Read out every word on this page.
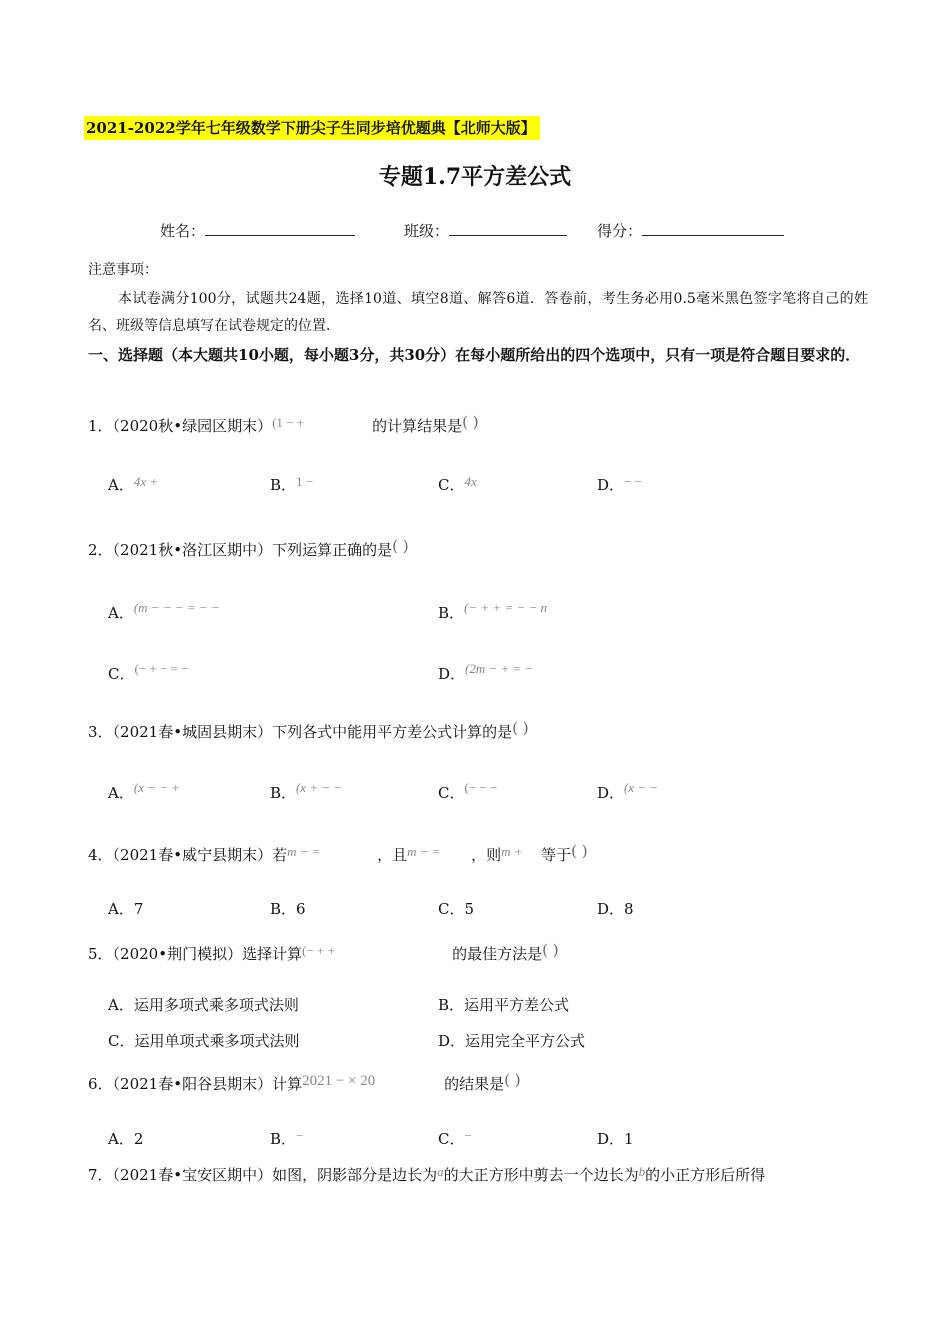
2021-2022学年七年级数学下册尖子生同步培优题典【北师大版】
专题1.7平方差公式
姓名：	班级：	得分：
注意事项：
本试卷满分100分，试题共24题，选择10道、填空8道、解答6道．答卷前，考生务必用0.5毫米黑色签字笔将自己的姓名、班级等信息填写在试卷规定的位置．
一、选择题（本大题共10小题，每小题3分，共30分）在每小题所给出的四个选项中，只有一项是符合题目要求的．
1．（2020秋•绿园区期末）(1 − +	的计算结果是( )
A．4x +	B．1 −	C．4x	D．− −
2．（2021秋•洛江区期中）下列运算正确的是( )
A．(m − − − = − −	B．(− + + = − − n
C．(− + − = −	D．(2m − + = −
3．（2021春•城固县期末）下列各式中能用平方差公式计算的是( )
A．(x − − +	B．(x + − −	C．(− − −	D．(x − −
4．（2021春•威宁县期末）若m − =	，且m − = ，则m + 等于( )
A．7	B．6	C．5	D．8
5．（2020•荆门模拟）选择计算(− + +	的最佳方法是( )
A．运用多项式乘多项式法则	B．运用平方差公式
C．运用单项式乘多项式法则	D．运用完全平方公式
6．（2021春•阳谷县期末）计算2021 − × 20	的结果是( )
A．2	B．−	C．−	D．1
7．（2021春•宝安区期中）如图，阴影部分是边长为a的大正方形中剪去一个边长为b的小正方形后所得
